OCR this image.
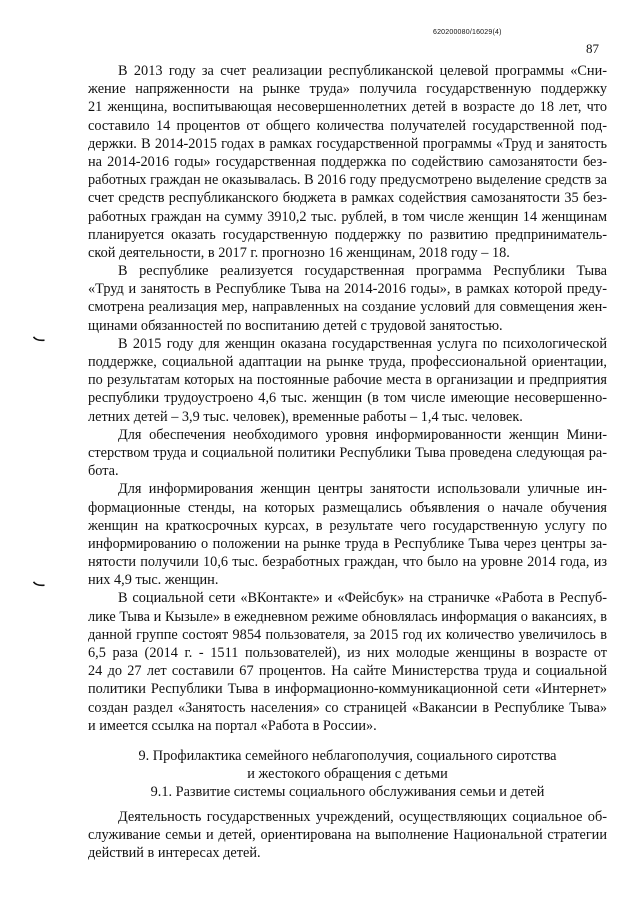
620200080/16029(4)
87
В 2013 году за счет реализации республиканской целевой программы «Сни-
жение напряженности на рынке труда» получила государственную поддержку
21 женщина, воспитывающая несовершеннолетних детей в возрасте до 18 лет, что
составило 14 процентов от общего количества получателей государственной под-
держки. В 2014-2015 годах в рамках государственной программы «Труд и занятость
на 2014-2016 годы» государственная поддержка по содействию самозанятости без-
работных граждан не оказывалась. В 2016 году предусмотрено выделение средств за
счет средств республиканского бюджета в рамках содействия самозанятости 35 без-
работных граждан на сумму 3910,2 тыс. рублей, в том числе женщин 14 женщинам
планируется оказать государственную поддержку по развитию предприниматель-
ской деятельности, в 2017 г. прогнозно 16 женщинам, 2018 году – 18.
В республике реализуется государственная программа Республики Тыва
«Труд и занятость в Республике Тыва на 2014-2016 годы», в рамках которой преду-
смотрена реализация мер, направленных на создание условий для совмещения жен-
щинами обязанностей по воспитанию детей с трудовой занятостью.
В 2015 году для женщин оказана государственная услуга по психологической
поддержке, социальной адаптации на рынке труда, профессиональной ориентации,
по результатам которых на постоянные рабочие места в организации и предприятия
республики трудоустроено 4,6 тыс. женщин (в том числе имеющие несовершенно-
летних детей – 3,9 тыс. человек), временные работы – 1,4 тыс. человек.
Для обеспечения необходимого уровня информированности женщин Мини-
стерством труда и социальной политики Республики Тыва проведена следующая ра-
бота.
Для информирования женщин центры занятости использовали уличные ин-
формационные стенды, на которых размещались объявления о начале обучения
женщин на краткосрочных курсах, в результате чего государственную услугу по
информированию о положении на рынке труда в Республике Тыва через центры за-
нятости получили 10,6 тыс. безработных граждан, что было на уровне 2014 года, из
них 4,9 тыс. женщин.
В социальной сети «ВКонтакте» и «Фейсбук» на страничке «Работа в Респуб-
лике Тыва и Кызыле» в ежедневном режиме обновлялась информация о вакансиях, в
данной группе состоят 9854 пользователя, за 2015 год их количество увеличилось в
6,5 раза (2014 г. - 1511 пользователей), из них молодые женщины в возрасте от
24 до 27 лет составили 67 процентов. На сайте Министерства труда и социальной
политики Республики Тыва в информационно-коммуникационной сети «Интернет»
создан раздел «Занятость населения» со страницей «Вакансии в Республике Тыва»
и имеется ссылка на портал «Работа в России».
9. Профилактика семейного неблагополучия, социального сиротства
и жестокого обращения с детьми
9.1. Развитие системы социального обслуживания семьи и детей
Деятельность государственных учреждений, осуществляющих социальное об-
служивание семьи и детей, ориентирована на выполнение Национальной стратегии
действий в интересах детей.
